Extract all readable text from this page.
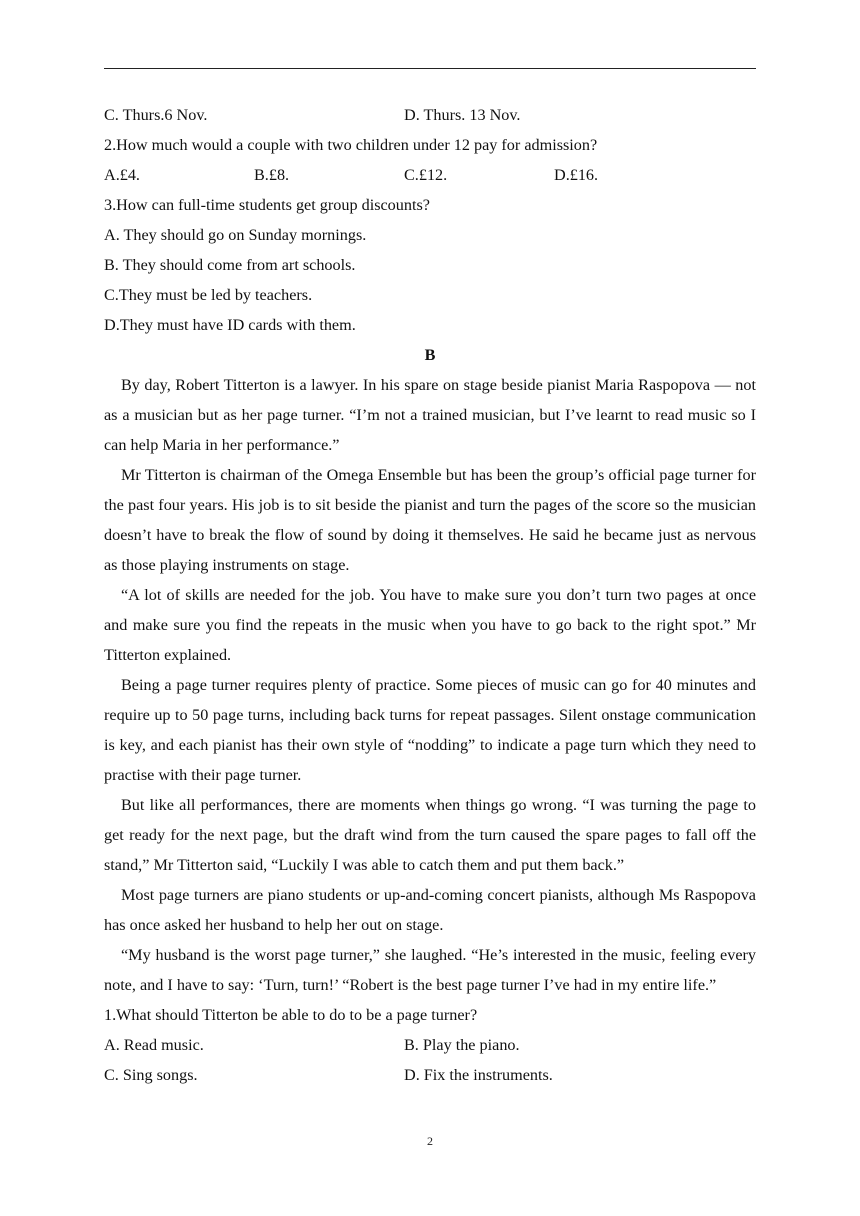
C. Thurs.6 Nov.	D. Thurs. 13 Nov.
2.How much would a couple with two children under 12 pay for admission?
A.£4.	B.£8.	C.£12.	D.£16.
3.How can full-time students get group discounts?
A. They should go on Sunday mornings.
B. They should come from art schools.
C.They must be led by teachers.
D.They must have ID cards with them.
B

By day, Robert Titterton is a lawyer. In his spare on stage beside pianist Maria Raspopova — not as a musician but as her page turner. “I’m not a trained musician, but I’ve learnt to read music so I can help Maria in her performance.”

Mr Titterton is chairman of the Omega Ensemble but has been the group’s official page turner for the past four years. His job is to sit beside the pianist and turn the pages of the score so the musician doesn’t have to break the flow of sound by doing it themselves. He said he became just as nervous as those playing instruments on stage.

“A lot of skills are needed for the job. You have to make sure you don’t turn two pages at once and make sure you find the repeats in the music when you have to go back to the right spot.” Mr Titterton explained.

Being a page turner requires plenty of practice. Some pieces of music can go for 40 minutes and require up to 50 page turns, including back turns for repeat passages. Silent onstage communication is key, and each pianist has their own style of “nodding” to indicate a page turn which they need to practise with their page turner.

But like all performances, there are moments when things go wrong. “I was turning the page to get ready for the next page, but the draft wind from the turn caused the spare pages to fall off the stand,” Mr Titterton said, “Luckily I was able to catch them and put them back.”

Most page turners are piano students or up-and-coming concert pianists, although Ms Raspopova has once asked her husband to help her out on stage.

“My husband is the worst page turner,” she laughed. “He’s interested in the music, feeling every note, and I have to say: ‘Turn, turn!’ “Robert is the best page turner I’ve had in my entire life.”

1.What should Titterton be able to do to be a page turner?
A. Read music.	B. Play the piano.
C. Sing songs.	D. Fix the instruments.
2
